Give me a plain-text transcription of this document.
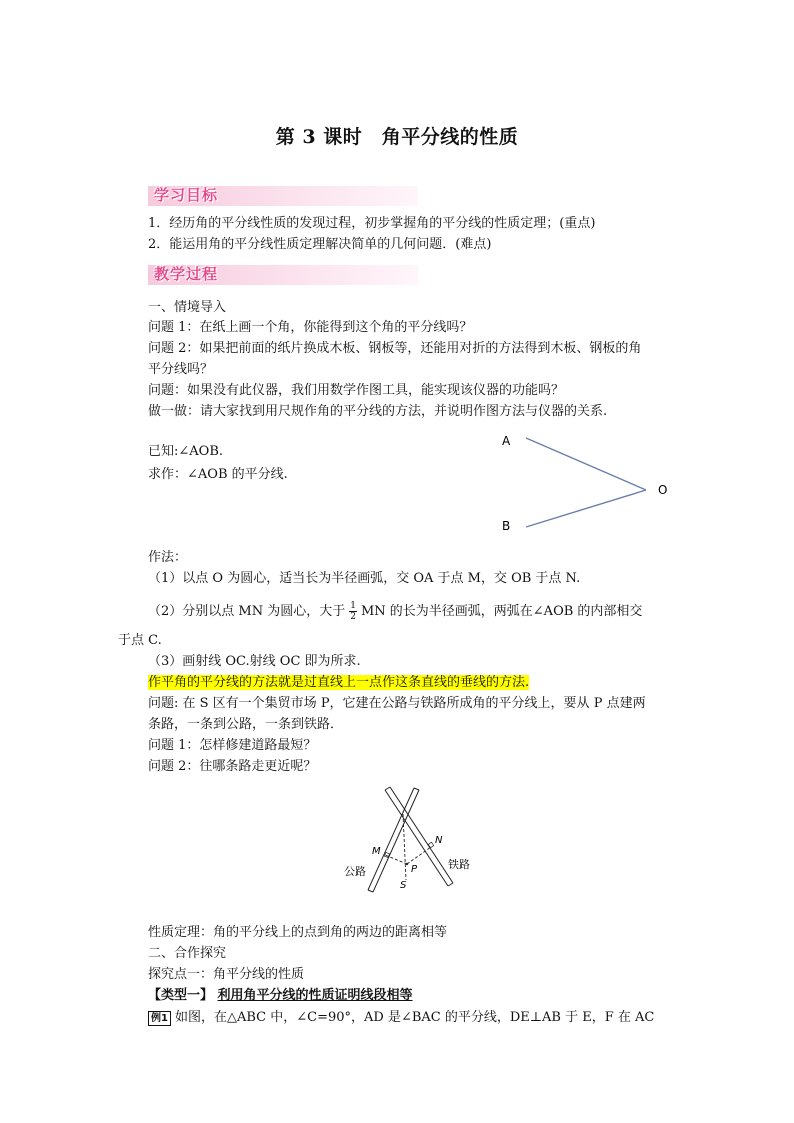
第 3 课时　角平分线的性质
学习目标
1．经历角的平分线性质的发现过程，初步掌握角的平分线的性质定理；(重点)
2．能运用角的平分线性质定理解决简单的几何问题．(难点)
教学过程
一、情境导入
问题 1：在纸上画一个角，你能得到这个角的平分线吗？
问题 2：如果把前面的纸片换成木板、钢板等，还能用对折的方法得到木板、钢板的角
平分线吗？
问题：如果没有此仪器，我们用数学作图工具，能实现该仪器的功能吗？
做一做：请大家找到用尺规作角的平分线的方法，并说明作图方法与仪器的关系.
已知:∠AOB.
求作：∠AOB 的平分线.
A
B
O
作法：
（1）以点 O 为圆心，适当长为半径画弧，交 OA 于点 M，交 OB 于点 N.
（2）分别以点 MN 为圆心，大于 $\frac{1}{2}$ MN 的长为半径画弧，两弧在∠AOB 的内部相交
于点 C.
（3）画射线 OC.射线 OC 即为所求.
作平角的平分线的方法就是过直线上一点作这条直线的垂线的方法.
问题: 在 S 区有一个集贸市场 P，它建在公路与铁路所成角的平分线上，要从 P 点建两
条路，一条到公路，一条到铁路．
问题 1：怎样修建道路最短？
问题 2：往哪条路走更近呢？
M
N
P
S
公路
铁路
性质定理：角的平分线上的点到角的两边的距离相等
二、合作探究
探究点一：角平分线的性质
【类型一】 利用角平分线的性质证明线段相等
例1 如图，在△ABC 中，∠C=90°，AD 是∠BAC 的平分线，DE⊥AB 于 E，F 在 AC
